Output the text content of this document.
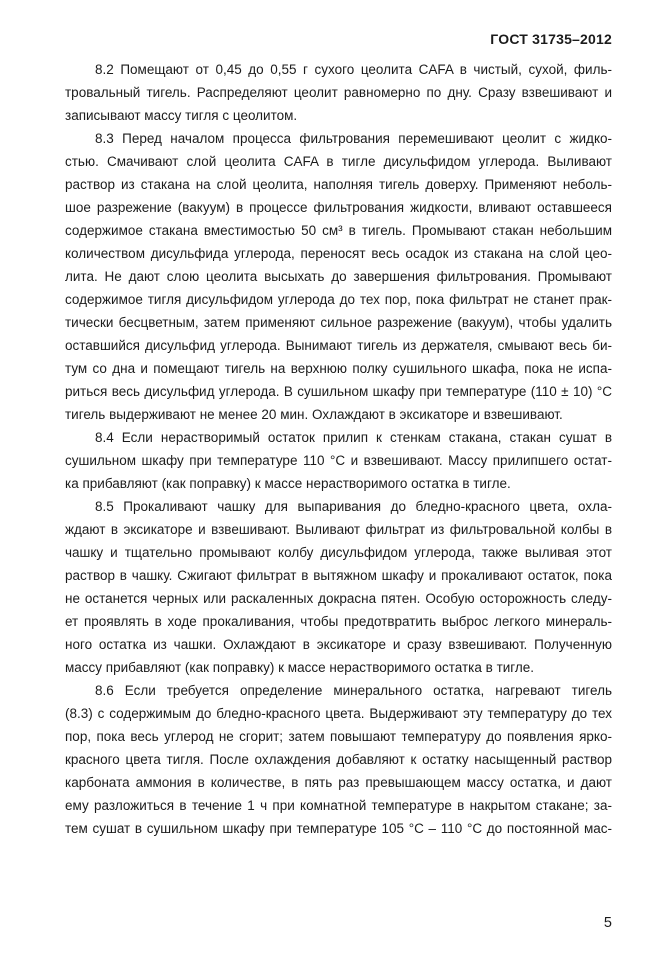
ГОСТ 31735–2012
8.2 Помещают от 0,45 до 0,55 г сухого цеолита CAFA в чистый, сухой, филь-
тровальный тигель. Распределяют цеолит равномерно по дну. Сразу взвешивают и
записывают массу тигля с цеолитом.
8.3 Перед началом процесса фильтрования перемешивают цеолит с жидко-
стью. Смачивают слой цеолита CAFA в тигле дисульфидом углерода. Выливают
раствор из стакана на слой цеолита, наполняя тигель доверху. Применяют неболь-
шое разрежение (вакуум) в процессе фильтрования жидкости, вливают оставшееся
содержимое стакана вместимостью 50 см³ в тигель. Промывают стакан небольшим
количеством дисульфида углерода, переносят весь осадок из стакана на слой цео-
лита. Не дают слою цеолита высыхать до завершения фильтрования. Промывают
содержимое тигля дисульфидом углерода до тех пор, пока фильтрат не станет прак-
тически бесцветным, затем применяют сильное разрежение (вакуум), чтобы удалить
оставшийся дисульфид углерода. Вынимают тигель из держателя, смывают весь би-
тум со дна и помещают тигель на верхнюю полку сушильного шкафа, пока не испа-
риться весь дисульфид углерода. В сушильном шкафу при температуре (110 ± 10) °С
тигель выдерживают не менее 20 мин. Охлаждают в эксикаторе и взвешивают.
8.4 Если нерастворимый остаток прилип к стенкам стакана, стакан сушат в
сушильном шкафу при температуре 110 °С и взвешивают. Массу прилипшего остат-
ка прибавляют (как поправку) к массе нерастворимого остатка в тигле.
8.5 Прокаливают чашку для выпаривания до бледно-красного цвета, охла-
ждают в эксикаторе и взвешивают. Выливают фильтрат из фильтровальной колбы в
чашку и тщательно промывают колбу дисульфидом углерода, также выливая этот
раствор в чашку. Сжигают фильтрат в вытяжном шкафу и прокаливают остаток, пока
не останется черных или раскаленных докрасна пятен. Особую осторожность следу-
ет проявлять в ходе прокаливания, чтобы предотвратить выброс легкого минераль-
ного остатка из чашки. Охлаждают в эксикаторе и сразу взвешивают. Полученную
массу прибавляют (как поправку) к массе нерастворимого остатка в тигле.
8.6 Если требуется определение минерального остатка, нагревают тигель
(8.3) с содержимым до бледно-красного цвета. Выдерживают эту температуру до тех
пор, пока весь углерод не сгорит; затем повышают температуру до появления ярко-
красного цвета тигля. После охлаждения добавляют к остатку насыщенный раствор
карбоната аммония в количестве, в пять раз превышающем массу остатка, и дают
ему разложиться в течение 1 ч при комнатной температуре в накрытом стакане; за-
тем сушат в сушильном шкафу при температуре 105 °С – 110 °С до постоянной мас-
5
